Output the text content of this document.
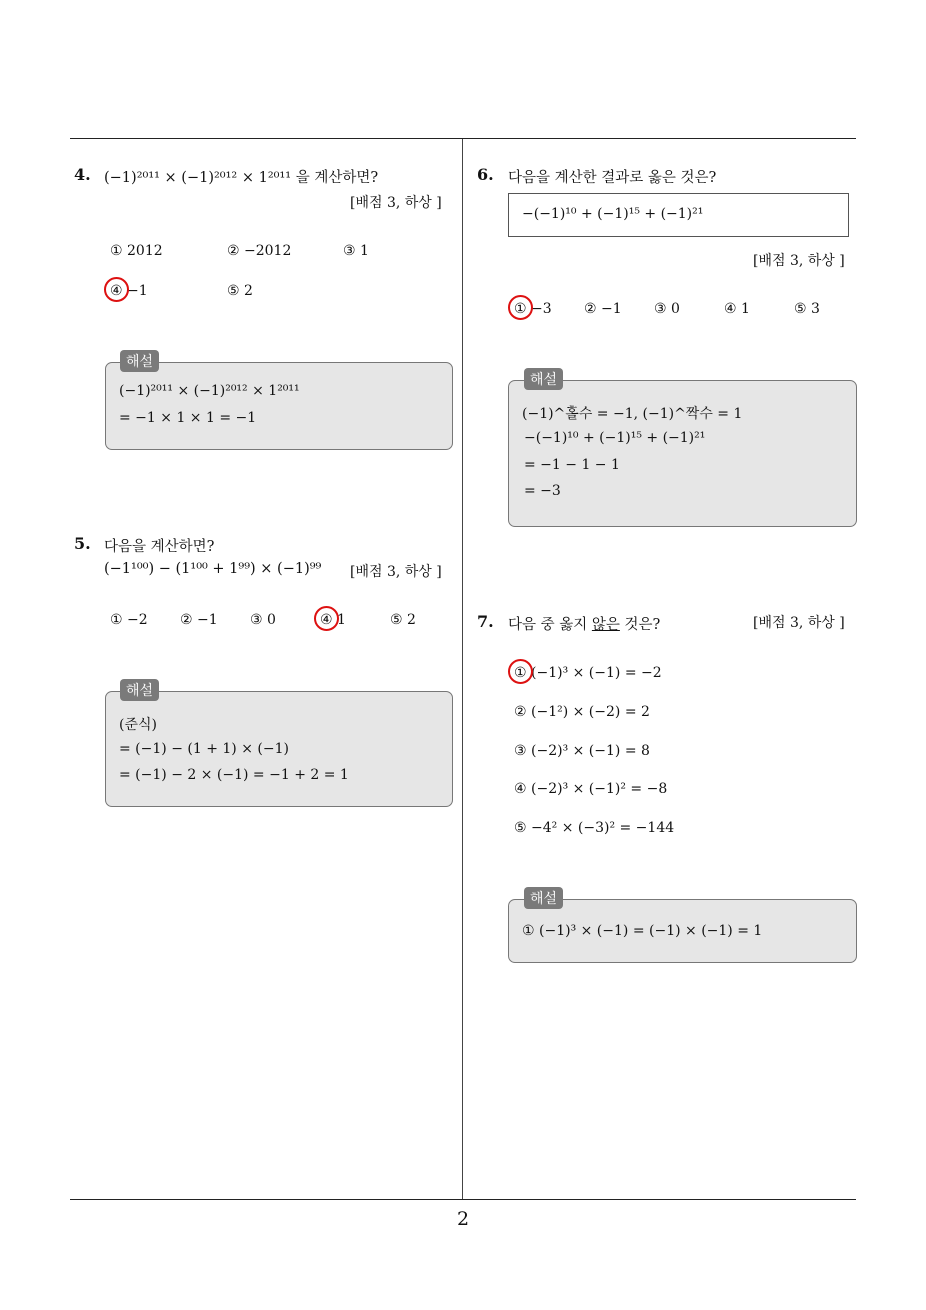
2
4. (−1)²⁰¹¹ × (−1)²⁰¹² × 1²⁰¹¹ 을 계산하면?
[배점 3, 하상 ]
① 2012	② −2012	③ 1
④ −1	⑤ 2
(−1)²⁰¹¹ × (−1)²⁰¹² × 1²⁰¹¹
= −1 × 1 × 1 = −1
해설
5. 다음을 계산하면?
(−1¹⁰⁰) − (1¹⁰⁰ + 1⁹⁹) × (−1)⁹⁹ [배점 3, 하상 ]
① −2 ② −1 ③ 0	④ 1	⑤ 2
(준식)
= (−1) − (1 + 1) × (−1)
= (−1) − 2 × (−1) = −1 + 2 = 1
해설
6. 다음을 계산한 결과로 옳은 것은?
−(−1)¹⁰ + (−1)¹⁵ + (−1)²¹
[배점 3, 하상 ]
① −3 ② −1 ③ 0	④ 1	⑤ 3
(−1)^홀수 = −1, (−1)^짝수 = 1
−(−1)¹⁰ + (−1)¹⁵ + (−1)²¹
= −1 − 1 − 1
= −3
해설
7. 다음 중 옳지 않은 것은?	[배점 3, 하상 ]
① (−1)³ × (−1) = −2
② (−1²) × (−2) = 2
③ (−2)³ × (−1) = 8
④ (−2)³ × (−1)² = −8
⑤ −4² × (−3)² = −144
① (−1)³ × (−1) = (−1) × (−1) = 1
해설
